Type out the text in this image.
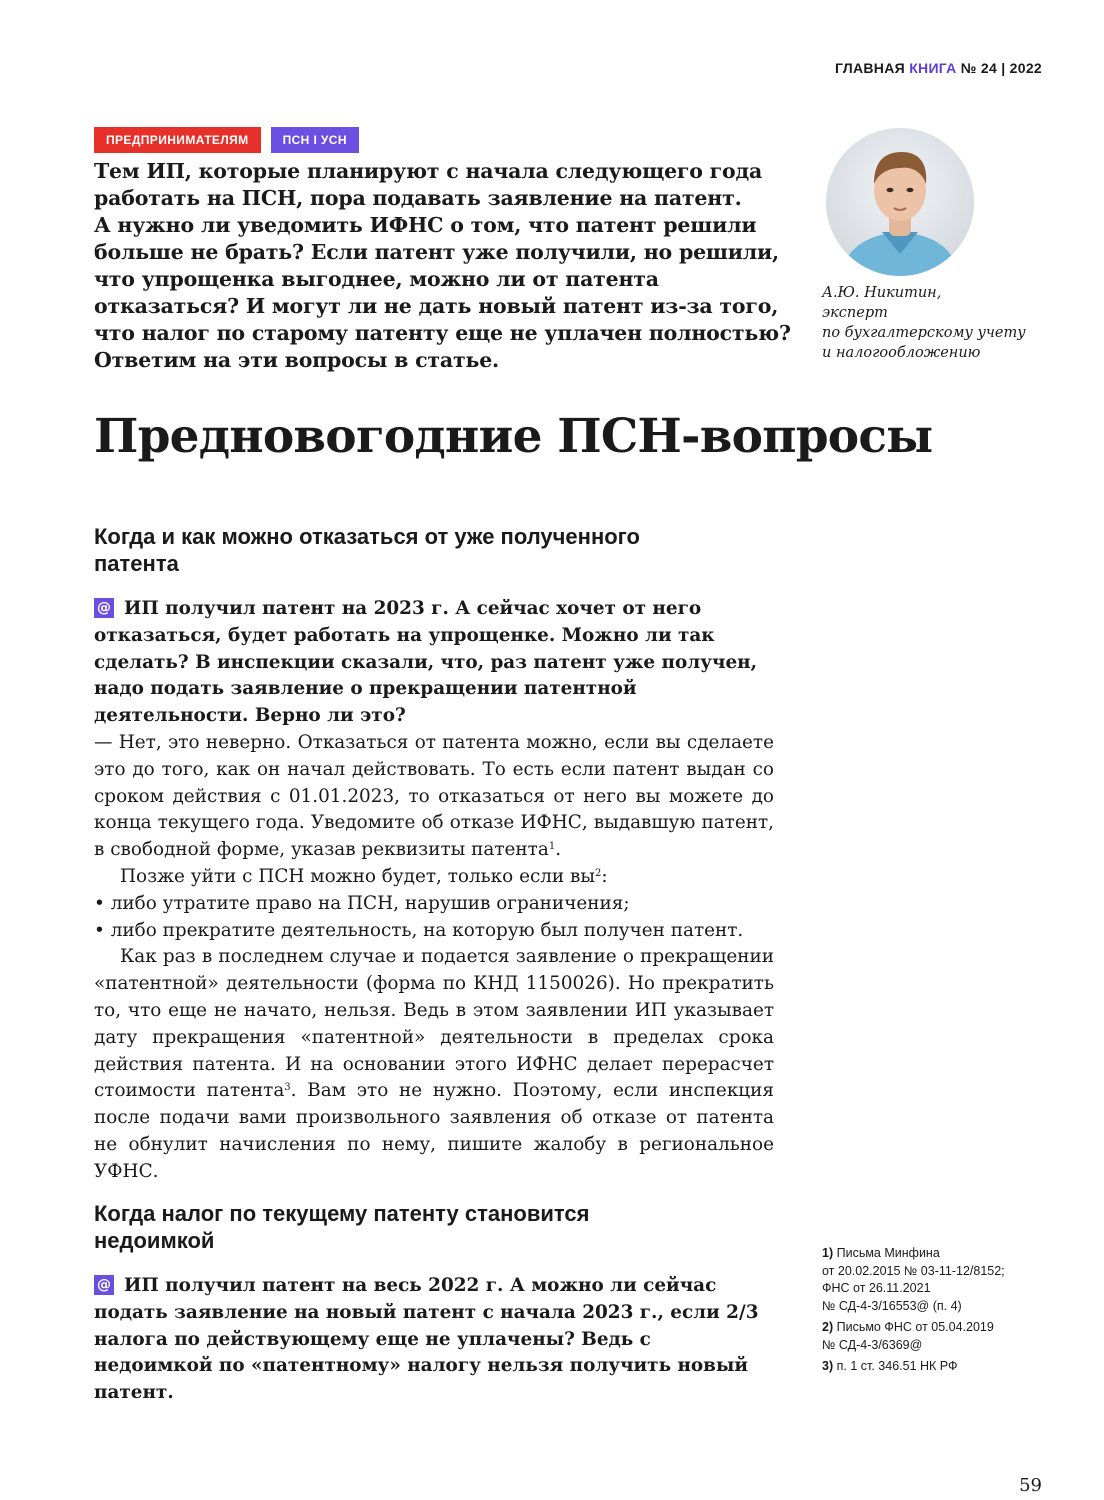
ГЛАВНАЯ КНИГА № 24 | 2022
ПРЕДПРИНИМАТЕЛЯМ	ПСН I УСН

Тем ИП, которые планируют с начала следующего года

работать на ПСН, пора подавать заявление на патент.

А нужно ли уведомить ИФНС о том, что патент решили

больше не брать? Если патент уже получили, но решили,

что упрощенка выгоднее, можно ли от патента

отказаться? И могут ли не дать новый патент из-за того,

что налог по старому патенту еще не уплачен полностью?

Ответим на эти вопросы в статье.

А.Ю. Никитин,
эксперт
по бухгалтерскому учету
и налогообложению
Предновогодние ПСН-вопросы
Когда и как можно отказаться от уже полученного
патента
@ ИП получил патент на 2023 г. А сейчас хочет от него отказаться, будет работать на упрощенке. Можно ли так сделать? В инспекции сказали, что, раз патент уже получен, надо подать заявление о прекращении патентной деятельности. Верно ли это?

— Нет, это неверно. Отказаться от патента можно, если вы сделаете это до того, как он начал действовать. То есть если патент выдан со сроком действия с 01.01.2023, то отказаться от него вы можете до конца текущего года. Уведомите об отказе ИФНС, выдавшую патент, в свободной форме, указав реквизиты патента$^1$.

Позже уйти с ПСН можно будет, только если $вы^2$:

• либо утратите право на ПСН, нарушив ограничения;

• либо прекратите деятельность, на которую был получен патент.

Как раз в последнем случае и подается заявление о прекращении «патентной» деятельности (форма по КНД 1150026). Но прекратить то, что еще не начато, нельзя. Ведь в этом заявлении ИП указывает дату прекращения «патентной» деятельности в пределах срока действия патента. И на основании этого ИФНС делает перерасчет стоимости патента$^3$. Вам это не нужно. Поэтому, если инспекция после подачи вами произвольного заявления об отказе от патента не обнулит начисления по нему, пишите жалобу в региональное УФНС.

Когда налог по текущему патенту становится
недоимкой
@ ИП получил патент на весь 2022 г. А можно ли сейчас подать заявление на новый патент с начала 2023 г., если 2/3 налога по действующему еще не уплачены? Ведь с недоимкой по «патентному» налогу нельзя получить новый патент.
1) Письма Минфина
от 20.02.2015 № 03-11-12/8152;
ФНС от 26.11.2021
№ СД-4-3/16553@ (п. 4)
2) Письмо ФНС от 05.04.2019
№ СД-4-3/6369@
3) п. 1 ст. 346.51 НК РФ
59
